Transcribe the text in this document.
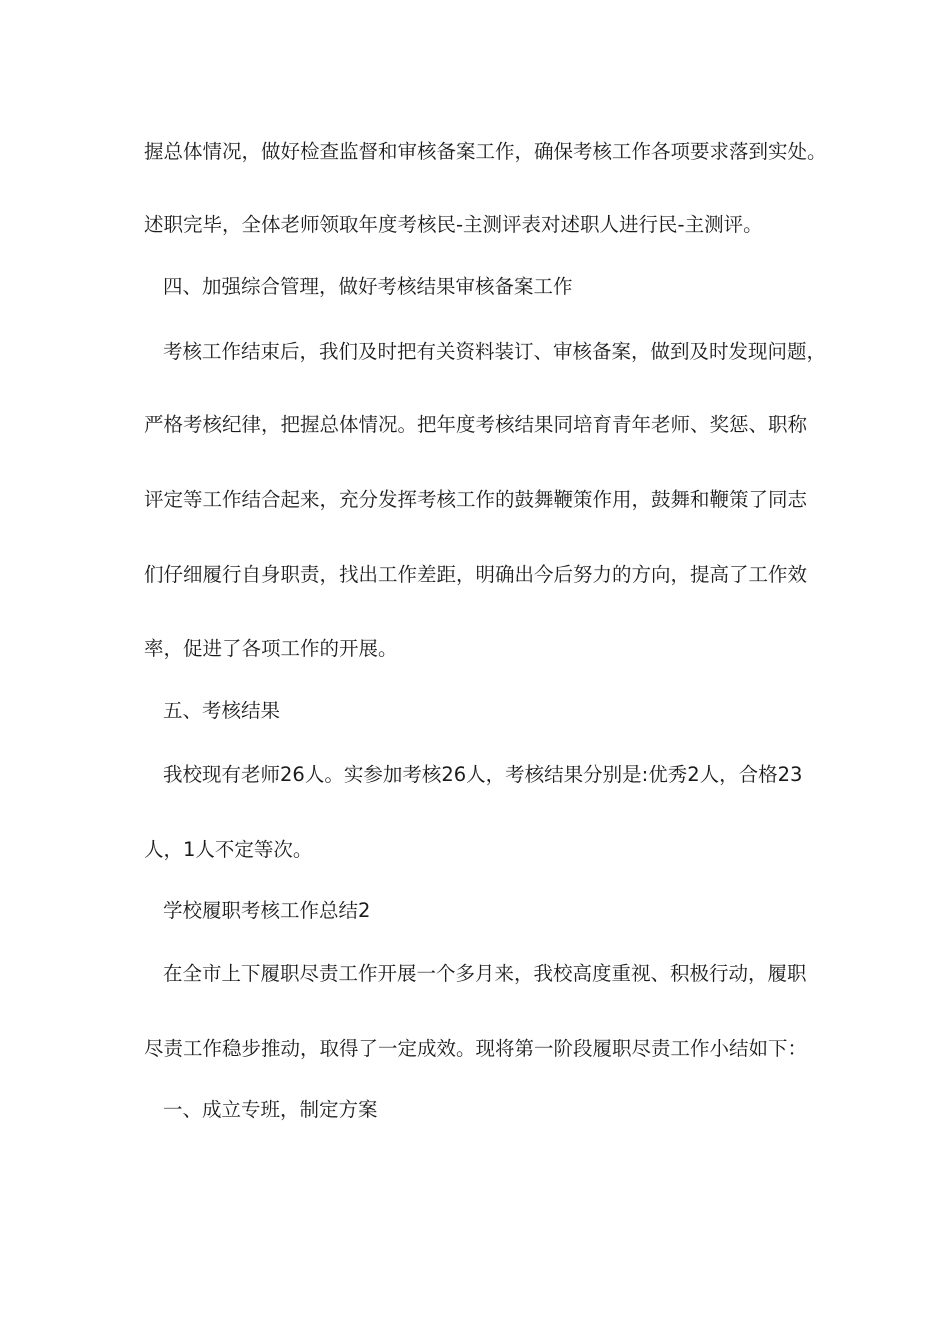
握总体情况，做好检查监督和审核备案工作，确保考核工作各项要求落到实处。
述职完毕，全体老师领取年度考核民-主测评表对述职人进行民-主测评。
四、加强综合管理，做好考核结果审核备案工作
考核工作结束后，我们及时把有关资料装订、审核备案，做到及时发现问题，
严格考核纪律，把握总体情况。把年度考核结果同培育青年老师、奖惩、职称
评定等工作结合起来，充分发挥考核工作的鼓舞鞭策作用，鼓舞和鞭策了同志
们仔细履行自身职责，找出工作差距，明确出今后努力的方向，提高了工作效
率，促进了各项工作的开展。
五、考核结果
我校现有老师26人。实参加考核26人，考核结果分别是:优秀2人，合格23
人，1人不定等次。
学校履职考核工作总结2
在全市上下履职尽责工作开展一个多月来，我校高度重视、积极行动，履职
尽责工作稳步推动，取得了一定成效。现将第一阶段履职尽责工作小结如下：
一、成立专班，制定方案
